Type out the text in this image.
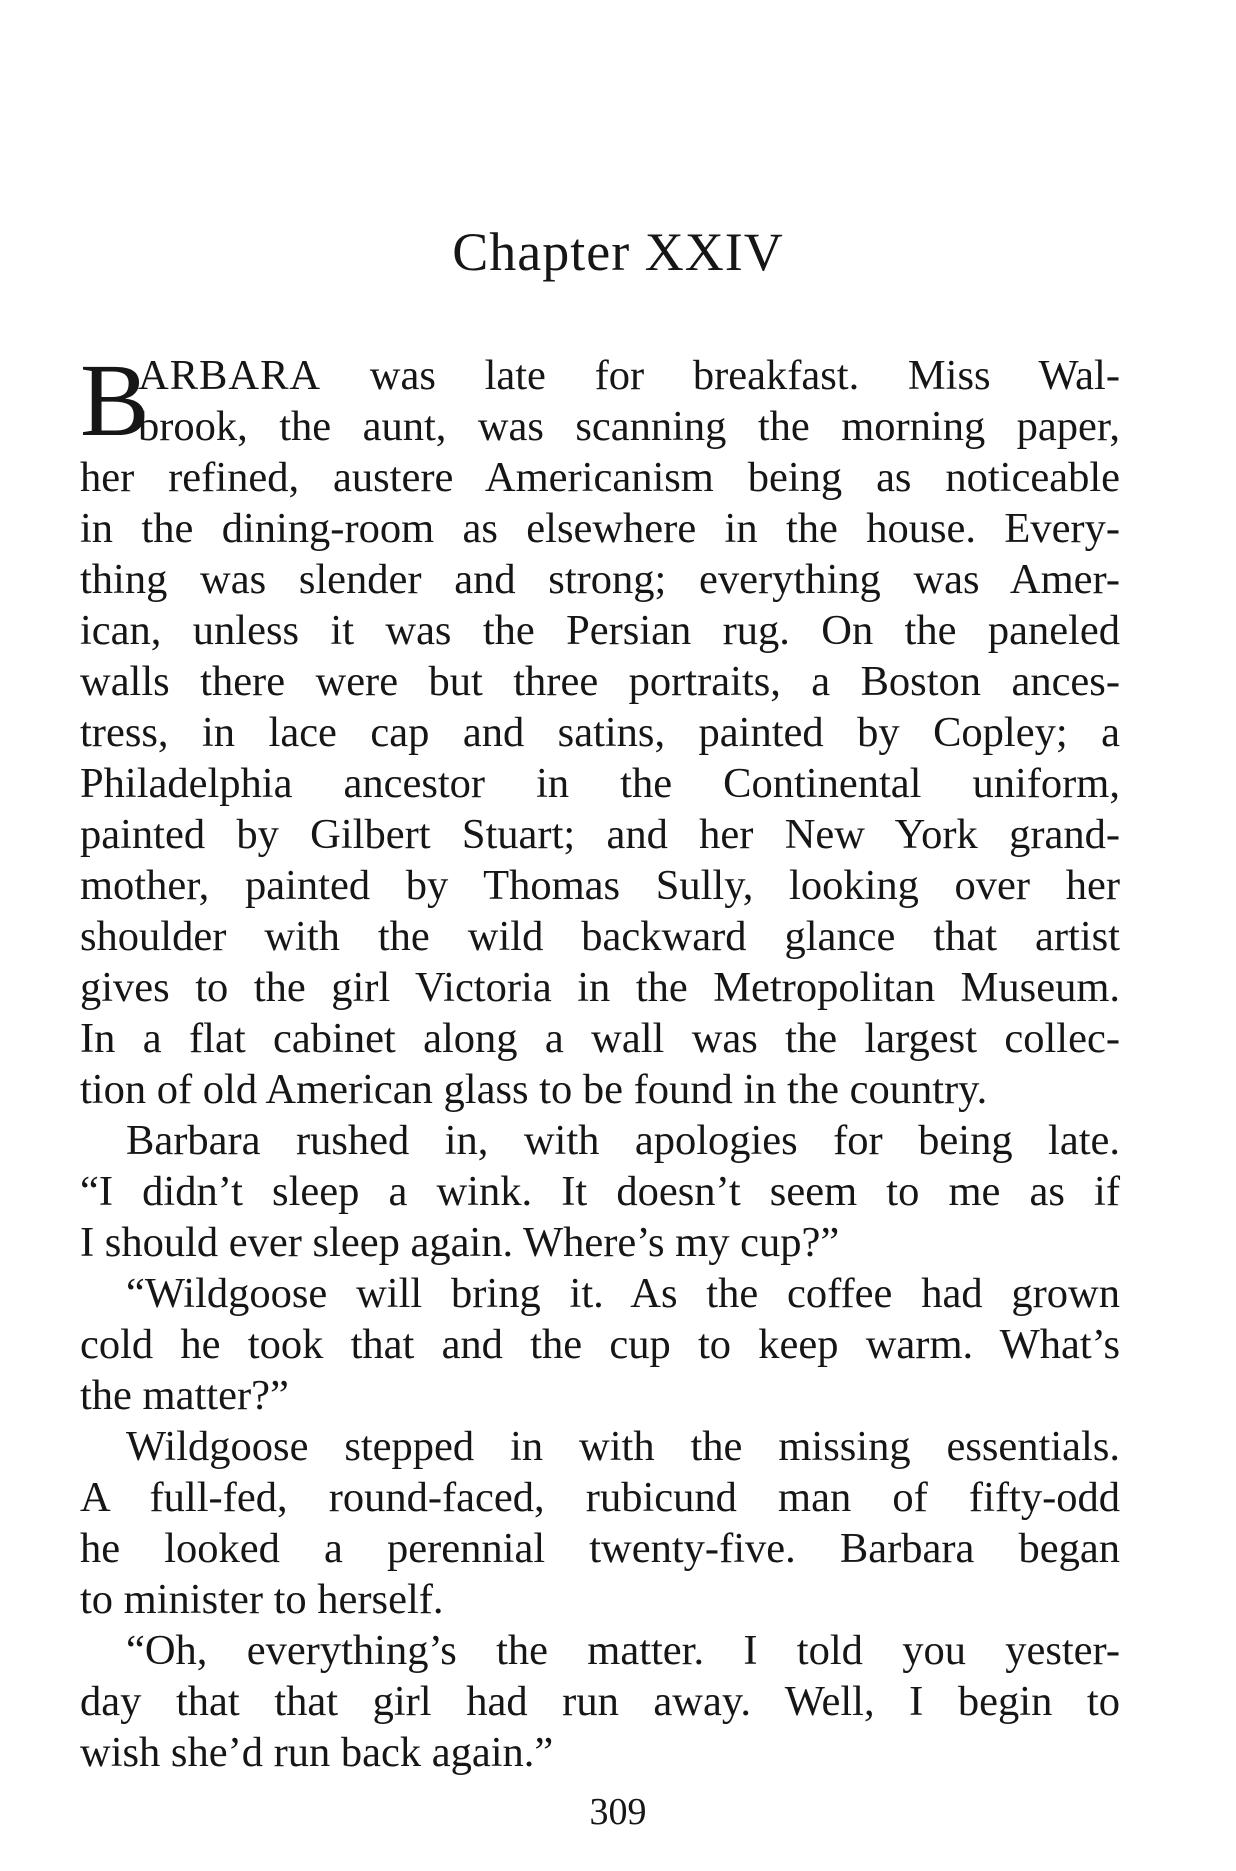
Chapter XXIV
B
ARBARA was late for breakfast. Miss Wal-
brook, the aunt, was scanning the morning paper,
her refined, austere Americanism being as noticeable
in the dining-room as elsewhere in the house. Every-
thing was slender and strong; everything was Amer-
ican, unless it was the Persian rug. On the paneled
walls there were but three portraits, a Boston ances-
tress, in lace cap and satins, painted by Copley; a
Philadelphia ancestor in the Continental uniform,
painted by Gilbert Stuart; and her New York grand-
mother, painted by Thomas Sully, looking over her
shoulder with the wild backward glance that artist
gives to the girl Victoria in the Metropolitan Museum.
In a flat cabinet along a wall was the largest collec-
tion of old American glass to be found in the country.
Barbara rushed in, with apologies for being late.
“I didn’t sleep a wink. It doesn’t seem to me as if
I should ever sleep again. Where’s my cup?”
“Wildgoose will bring it. As the coffee had grown
cold he took that and the cup to keep warm. What’s
the matter?”
Wildgoose stepped in with the missing essentials.
A full-fed, round-faced, rubicund man of fifty-odd
he looked a perennial twenty-five. Barbara began
to minister to herself.
“Oh, everything’s the matter. I told you yester-
day that that girl had run away. Well, I begin to
wish she’d run back again.”
309
